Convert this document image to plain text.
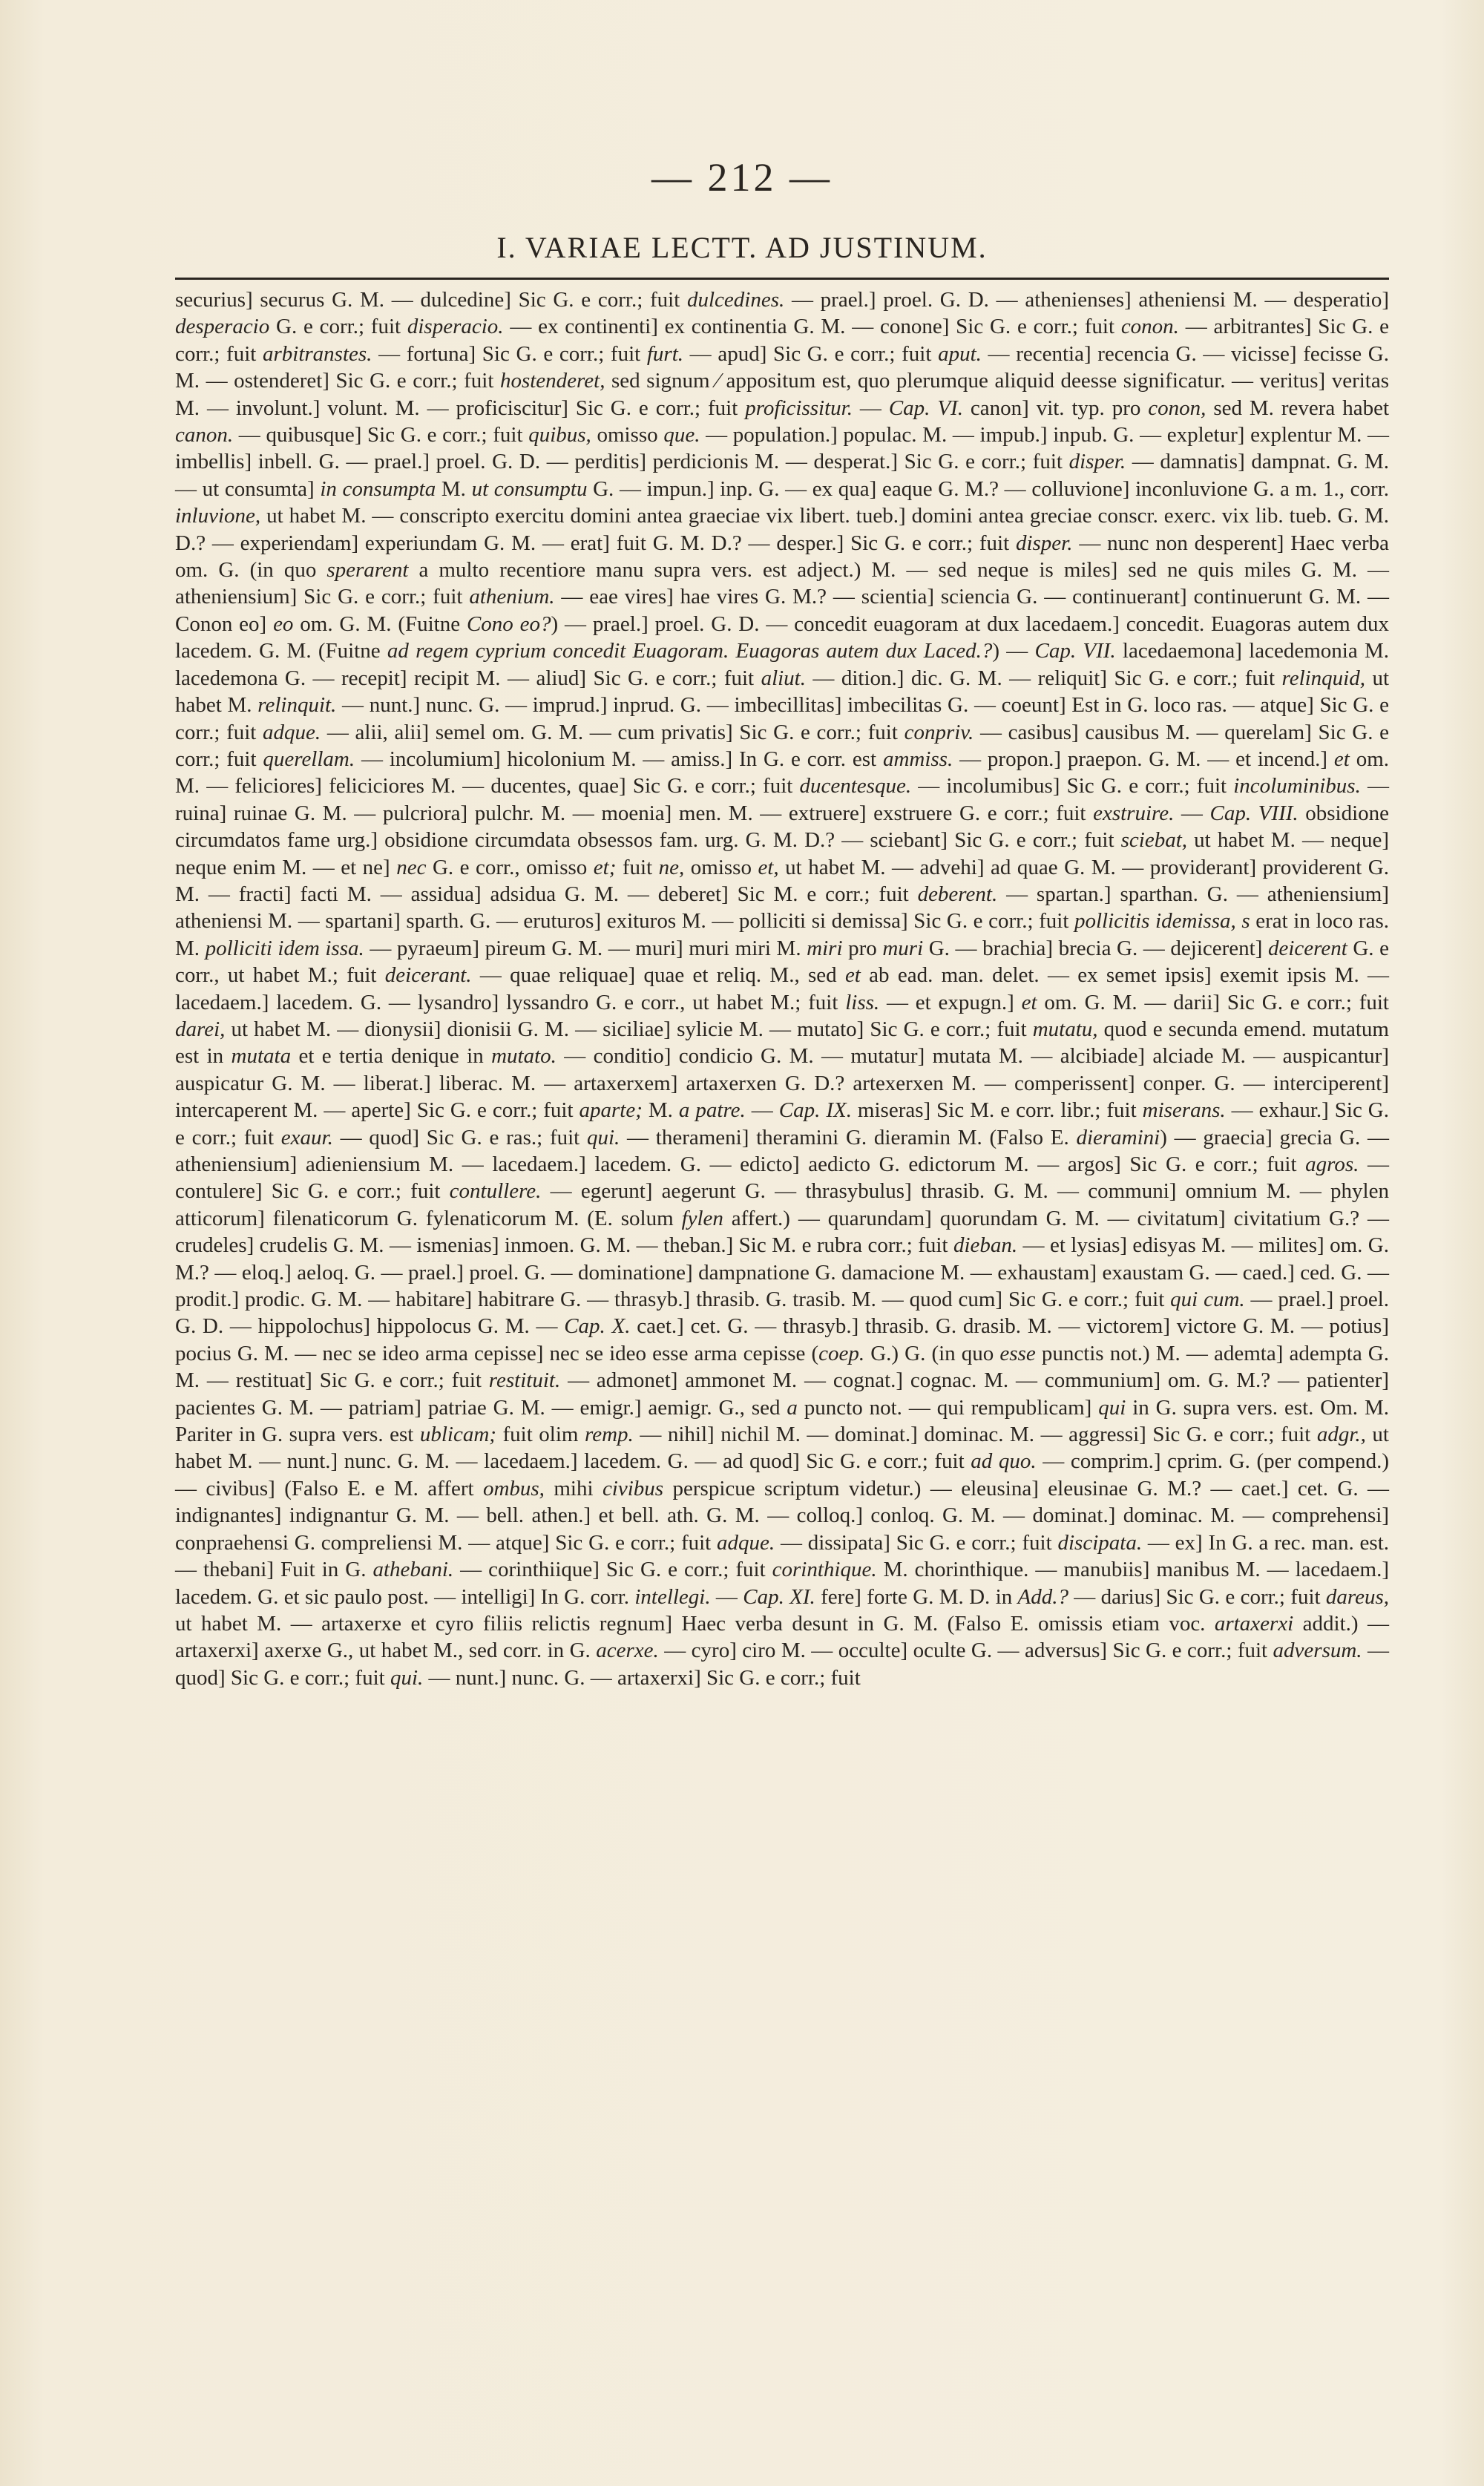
— 212 —
I. VARIAE LECTT. AD JUSTINUM.

securius] securus G. M. — dulcedine] Sic G. e corr.; fuit dulcedines. — prael.] proel. G. D. — athenienses] atheniensi M. — desperatio] desperacio G. e corr.; fuit disperacio. — ex continenti] ex continentia G. M. — conone] Sic G. e corr.; fuit conon. — arbitrantes] Sic G. e corr.; fuit arbitranstes. — fortuna] Sic G. e corr.; fuit furt. — apud] Sic G. e corr.; fuit aput. — recentia] recencia G. — vicisse] fecisse G. M. — ostenderet] Sic G. e corr.; fuit hostenderet, sed signum ⁄ appositum est, quo plerumque aliquid deesse significatur. — veritus] veritas M. — involunt.] volunt. M. — proficiscitur] Sic G. e corr.; fuit proficissitur. — Cap. VI. canon] vit. typ. pro conon, sed M. revera habet canon. — quibusque] Sic G. e corr.; fuit quibus, omisso que. — population.] populac. M. — impub.] inpub. G. — expletur] explentur M. — imbellis] inbell. G. — prael.] proel. G. D. — perditis] perdicionis M. — desperat.] Sic G. e corr.; fuit disper. — damnatis] dampnat. G. M. — ut consumta] in consumpta M. ut consumptu G. — impun.] inp. G. — ex qua] eaque G. M.? — colluvione] inconluvione G. a m. 1., corr. inluvione, ut habet M. — conscripto exercitu domini antea graeciae vix libert. tueb.] domini antea greciae conscr. exerc. vix lib. tueb. G. M. D.? — experiendam] experiundam G. M. — erat] fuit G. M. D.? — desper.] Sic G. e corr.; fuit disper. — nunc non desperent] Haec verba om. G. (in quo sperarent a multo recentiore manu supra vers. est adject.) M. — sed neque is miles] sed ne quis miles G. M. — atheniensium] Sic G. e corr.; fuit athenium. — eae vires] hae vires G. M.? — scientia] sciencia G. — continuerant] continuerunt G. M. — Conon eo] eo om. G. M. (Fuitne Cono eo?) — prael.] proel. G. D. — concedit euagoram at dux lacedaem.] concedit. Euagoras autem dux lacedem. G. M. (Fuitne ad regem cyprium concedit Euagoram. Euagoras autem dux Laced.?) — Cap. VII. lacedaemona] lacedemonia M. lacedemona G. — recepit] recipit M. — aliud] Sic G. e corr.; fuit aliut. — dition.] dic. G. M. — reliquit] Sic G. e corr.; fuit relinquid, ut habet M. relinquit. — nunt.] nunc. G. — imprud.] inprud. G. — imbecillitas] imbecilitas G. — coeunt] Est in G. loco ras. — atque] Sic G. e corr.; fuit adque. — alii, alii] semel om. G. M. — cum privatis] Sic G. e corr.; fuit conpriv. — casibus] causibus M. — querelam] Sic G. e corr.; fuit querellam. — incolumium] hicolonium M. — amiss.] In G. e corr. est ammiss. — propon.] praepon. G. M. — et incend.] et om. M. — feliciores] feliciciores M. — ducentes, quae] Sic G. e corr.; fuit ducentesque. — incolumibus] Sic G. e corr.; fuit incoluminibus. — ruina] ruinae G. M. — pulcriora] pulchr. M. — moenia] men. M. — extruere] exstruere G. e corr.; fuit exstruire. — Cap. VIII. obsidione circumdatos fame urg.] obsidione circumdata obsessos fam. urg. G. M. D.? — sciebant] Sic G. e corr.; fuit sciebat, ut habet M. — neque] neque enim M. — et ne] nec G. e corr., omisso et; fuit ne, omisso et, ut habet M. — advehi] ad quae G. M. — providerant] providerent G. M. — fracti] facti M. — assidua] adsidua G. M. — deberet] Sic M. e corr.; fuit deberent. — spartan.] sparthan. G. — atheniensium] atheniensi M. — spartani] sparth. G. — eruturos] exituros M. — polliciti si demissa] Sic G. e corr.; fuit pollicitis idemissa, s erat in loco ras. M. polliciti idem issa. — pyraeum] pireum G. M. — muri] muri miri M. miri pro muri G. — brachia] brecia G. — dejicerent] deicerent G. e corr., ut habet M.; fuit deicerant. — quae reliquae] quae et reliq. M., sed et ab ead. man. delet. — ex semet ipsis] exemit ipsis M. — lacedaem.] lacedem. G. — lysandro] lyssandro G. e corr., ut habet M.; fuit liss. — et expugn.] et om. G. M. — darii] Sic G. e corr.; fuit darei, ut habet M. — dionysii] dionisii G. M. — siciliae] sylicie M. — mutato] Sic G. e corr.; fuit mutatu, quod e secunda emend. mutatum est in mutata et e tertia denique in mutato. — conditio] condicio G. M. — mutatur] mutata M. — alcibiade] alciade M. — auspicantur] auspicatur G. M. — liberat.] liberac. M. — artaxerxem] artaxerxen G. D.? artexerxen M. — comperissent] conper. G. — interciperent] intercaperent M. — aperte] Sic G. e corr.; fuit aparte; M. a patre. — Cap. IX. miseras] Sic M. e corr. libr.; fuit miserans. — exhaur.] Sic G. e corr.; fuit exaur. — quod] Sic G. e ras.; fuit qui. — therameni] theramini G. dieramin M. (Falso E. dieramini) — graecia] grecia G. — atheniensium] adieniensium M. — lacedaem.] lacedem. G. — edicto] aedicto G. edictorum M. — argos] Sic G. e corr.; fuit agros. — contulere] Sic G. e corr.; fuit contullere. — egerunt] aegerunt G. — thrasybulus] thrasib. G. M. — communi] omnium M. — phylen atticorum] filenaticorum G. fylenaticorum M. (E. solum fylen affert.) — quarundam] quorundam G. M. — civitatum] civitatium G.? — crudeles] crudelis G. M. — ismenias] inmoen. G. M. — theban.] Sic M. e rubra corr.; fuit dieban. — et lysias] edisyas M. — milites] om. G. M.? — eloq.] aeloq. G. — prael.] proel. G. — dominatione] dampnatione G. damacione M. — exhaustam] exaustam G. — caed.] ced. G. — prodit.] prodic. G. M. — habitare] habitrare G. — thrasyb.] thrasib. G. trasib. M. — quod cum] Sic G. e corr.; fuit qui cum. — prael.] proel. G. D. — hippolochus] hippolocus G. M. — Cap. X. caet.] cet. G. — thrasyb.] thrasib. G. drasib. M. — victorem] victore G. M. — potius] pocius G. M. — nec se ideo arma cepisse] nec se ideo esse arma cepisse (coep. G.) G. (in quo esse punctis not.) M. — ademta] adempta G. M. — restituat] Sic G. e corr.; fuit restituit. — admonet] ammonet M. — cognat.] cognac. M. — communium] om. G. M.? — patienter] pacientes G. M. — patriam] patriae G. M. — emigr.] aemigr. G., sed a puncto not. — qui rempublicam] qui in G. supra vers. est. Om. M. Pariter in G. supra vers. est ublicam; fuit olim remp. — nihil] nichil M. — dominat.] dominac. M. — aggressi] Sic G. e corr.; fuit adgr., ut habet M. — nunt.] nunc. G. M. — lacedaem.] lacedem. G. — ad quod] Sic G. e corr.; fuit ad quo. — comprim.] cprim. G. (per compend.) — civibus] (Falso E. e M. affert ombus, mihi civibus perspicue scriptum videtur.) — eleusina] eleusinae G. M.? — caet.] cet. G. — indignantes] indignantur G. M. — bell. athen.] et bell. ath. G. M. — colloq.] conloq. G. M. — dominat.] dominac. M. — comprehensi] conpraehensi G. compreliensi M. — atque] Sic G. e corr.; fuit adque. — dissipata] Sic G. e corr.; fuit discipata. — ex] In G. a rec. man. est. — thebani] Fuit in G. athebani. — corinthiique] Sic G. e corr.; fuit corinthique. M. chorinthique. — manubiis] manibus M. — lacedaem.] lacedem. G. et sic paulo post. — intelligi] In G. corr. intellegi. — Cap. XI. fere] forte G. M. D. in Add.? — darius] Sic G. e corr.; fuit dareus, ut habet M. — artaxerxe et cyro filiis relictis regnum] Haec verba desunt in G. M. (Falso E. omissis etiam voc. artaxerxi addit.) — artaxerxi] axerxe G., ut habet M., sed corr. in G. acerxe. — cyro] ciro M. — occulte] oculte G. — adversus] Sic G. e corr.; fuit adversum. — quod] Sic G. e corr.; fuit qui. — nunt.] nunc. G. — artaxerxi] Sic G. e corr.; fuit
